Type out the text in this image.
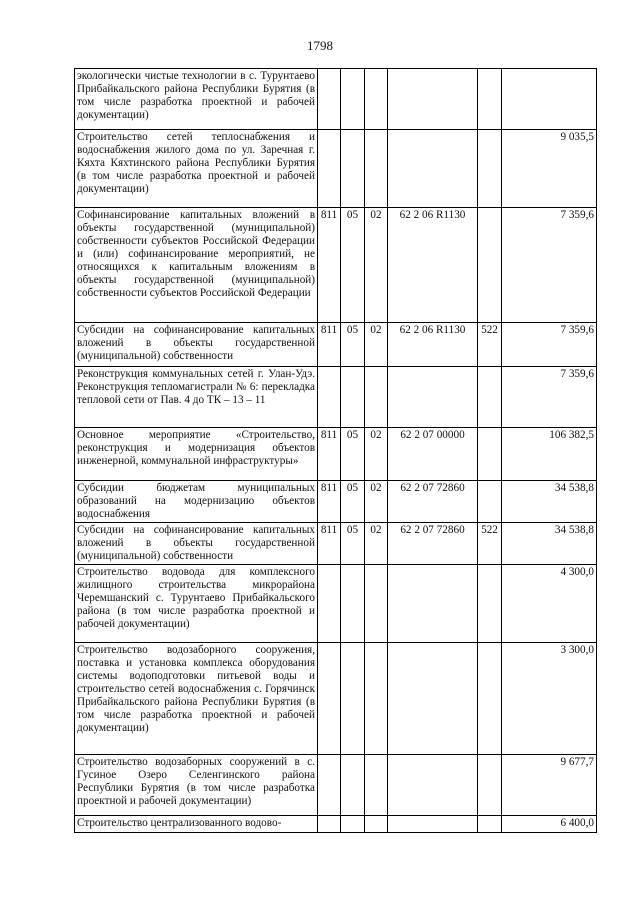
1798
экологически чистые технологии в с. Турунтаево Прибайкальского района Республики Бурятия (в том числе разработка проектной и рабочей документации)						
Строительство сетей теплоснабжения и водоснабжения жилого дома по ул. Заречная г. Кяхта Кяхтинского района Республики Бурятия (в том числе разработка проектной и рабочей документации)						9 035,5
Софинансирование капитальных вложений в объекты государственной (муниципальной) собственности субъектов Российской Федерации и (или) софинансирование мероприятий, не относящихся к капитальным вложениям в объекты государственной (муниципальной) собственности субъектов Российской Федерации	811	05	02	62 2 06 R1130		7 359,6
Субсидии на софинансирование капитальных вложений в объекты государственной (муниципальной) собственности	811	05	02	62 2 06 R1130	522	7 359,6
Реконструкция коммунальных сетей г. Улан-Удэ. Реконструкция тепломагистрали № 6: перекладка тепловой сети от Пав. 4 до ТК – 13 – 11						7 359,6
Основное мероприятие «Строительство, реконструкция и модернизация объектов инженерной, коммунальной инфраструктуры»	811	05	02	62 2 07 00000		106 382,5
Субсидии бюджетам муниципальных образований на модернизацию объектов водоснабжения	811	05	02	62 2 07 72860		34 538,8
Субсидии на софинансирование капитальных вложений в объекты государственной (муниципальной) собственности	811	05	02	62 2 07 72860	522	34 538,8
Строительство водовода для комплексного жилищного строительства микрорайона Черемшанский с. Турунтаево Прибайкальского района (в том числе разработка проектной и рабочей документации)						4 300,0
Строительство водозаборного сооружения, поставка и установка комплекса оборудования системы водоподготовки питьевой воды и строительство сетей водоснабжения с. Горячинск Прибайкальского района Республики Бурятия (в том числе разработка проектной и рабочей документации)						3 300,0
Строительство водозаборных сооружений в с. Гусиное Озеро Селенгинского района Республики Бурятия (в том числе разработка проектной и рабочей документации)						9 677,7
Строительство централизованного водово-						6 400,0
